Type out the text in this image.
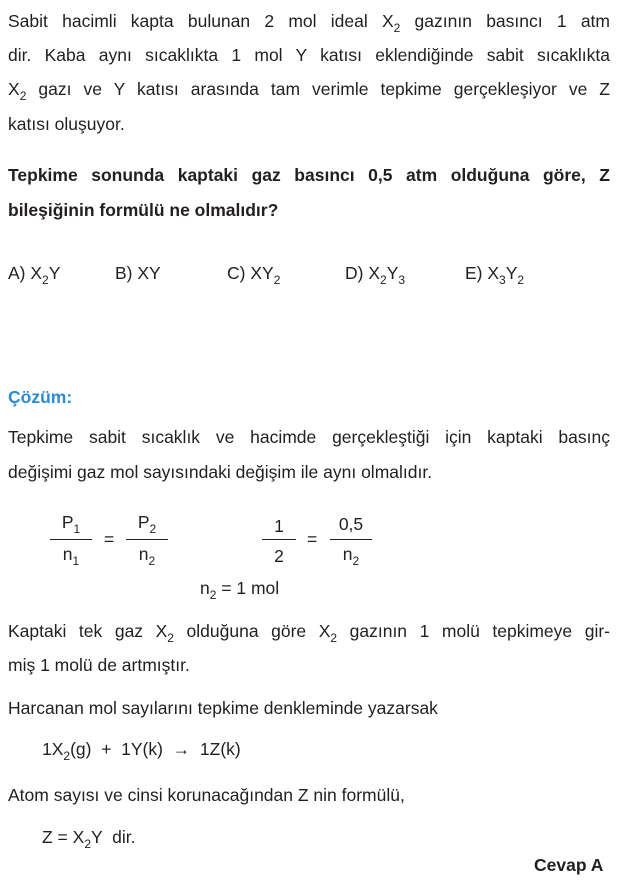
Sabit hacimli kapta bulunan 2 mol ideal $X_2$ gazının basıncı 1 atm
dir. Kaba aynı sıcaklıkta 1 mol Y katısı eklendiğinde sabit sıcaklıkta
$X_2$ gazı ve Y katısı arasında tam verimle tepkime gerçekleşiyor ve Z
katısı oluşuyor.
Tepkime sonunda kaptaki gaz basıncı 0,5 atm olduğuna göre, Z
bileşiğinin formülü ne olmalıdır?
A) $X_2Y$	B) XY	C) $XY_2$	D) $X_2Y_3$	E) $X_3Y_2$
Çözüm:
Tepkime sabit sıcaklık ve hacimde gerçekleştiği için kaptaki basınç
değişimi gaz mol sayısındaki değişim ile aynı olmalıdır.
$P_1$
$n_1$
=
$P_2$
$n_2$
1
2
=
0,5
$n_2$
$n_2 = 1$ mol
Kaptaki tek gaz $X_2$ olduğuna göre $X_2$ gazının 1 molü tepkimeye gir-
miş 1 molü de artmıştır.
Harcanan mol sayılarını tepkime denkleminde yazarsak
$1X_2(g) + 1Y(k) \to 1Z(k)$
Atom sayısı ve cinsi korunacağından Z nin formülü,
$Z = X_2Y$  dir.
Cevap A
